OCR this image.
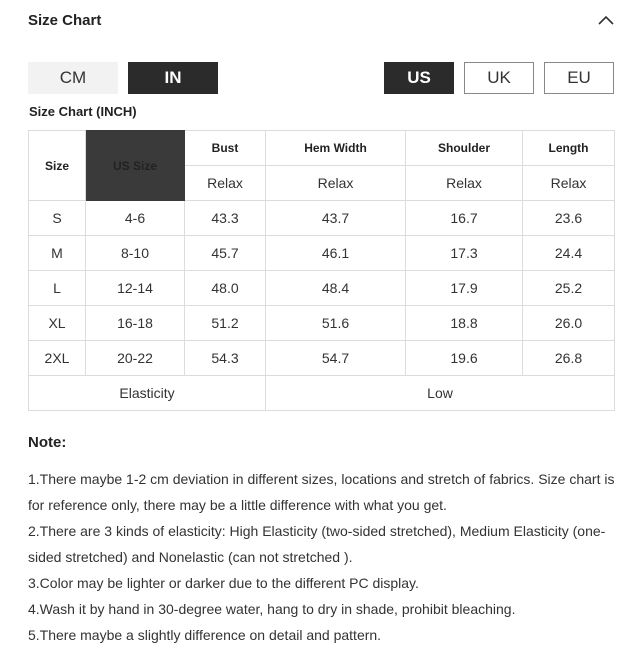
Size Chart
CM	IN	US	UK	EU
Size Chart (INCH)
Size	US Size	Bust	Hem Width	Shoulder	Length
		Relax	Relax	Relax	Relax
S	4-6	43.3	43.7	16.7	23.6
M	8-10	45.7	46.1	17.3	24.4
L	12-14	48.0	48.4	17.9	25.2
XL	16-18	51.2	51.6	18.8	26.0
2XL	20-22	54.3	54.7	19.6	26.8
Elasticity			Low		
Note:

1.There maybe 1-2 cm deviation in different sizes, locations and stretch of fabrics. Size chart is for reference only, there may be a little difference with what you get.

2.There are 3 kinds of elasticity: High Elasticity (two-sided stretched), Medium Elasticity (one-sided stretched) and Nonelastic (can not stretched ).

3.Color may be lighter or darker due to the different PC display.

4.Wash it by hand in 30-degree water, hang to dry in shade, prohibit bleaching.

5.There maybe a slightly difference on detail and pattern.
